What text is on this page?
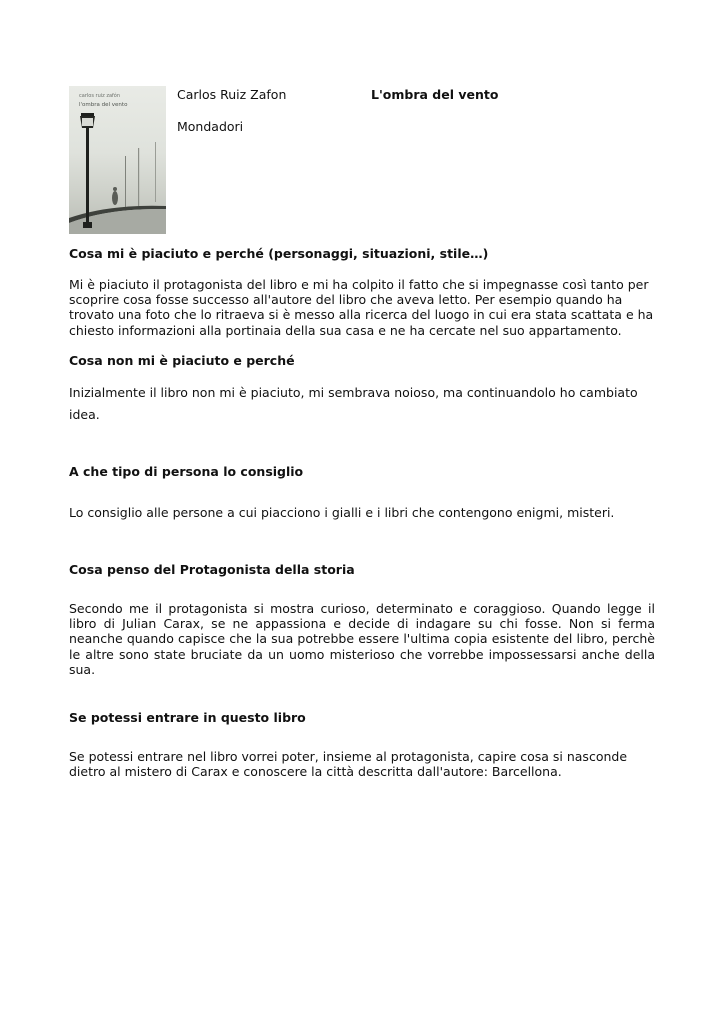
carlos ruiz zafón
l'ombra del vento
Carlos Ruiz Zafon	L'ombra del vento
Mondadori
Cosa mi è piaciuto e perché (personaggi, situazioni, stile…)
Mi è piaciuto il protagonista del libro e mi ha colpito il fatto che si impegnasse così tanto per
scoprire cosa fosse successo all'autore del libro che aveva letto. Per esempio quando ha
trovato una foto che lo ritraeva si è messo alla ricerca del luogo in cui era stata scattata e ha
chiesto informazioni alla portinaia della sua casa e ne ha cercate nel suo appartamento.
Cosa non mi è piaciuto e perché
Inizialmente il libro non mi è piaciuto, mi sembrava noioso, ma continuandolo ho cambiato
idea.
A che tipo di persona lo consiglio
Lo consiglio alle persone a cui piacciono i gialli e i libri che contengono enigmi, misteri.
Cosa penso del Protagonista della storia
Secondo me il protagonista si mostra curioso, determinato e coraggioso. Quando legge il libro di Julian Carax, se ne appassiona e decide di indagare su chi fosse. Non si ferma neanche quando capisce che la sua potrebbe essere l'ultima copia esistente del libro, perchè le altre sono state bruciate da un uomo misterioso che vorrebbe impossessarsi anche della sua.
Se potessi entrare in questo libro
Se potessi entrare nel libro vorrei poter, insieme al protagonista, capire cosa si nasconde
dietro al mistero di Carax e conoscere la città descritta dall'autore: Barcellona.
